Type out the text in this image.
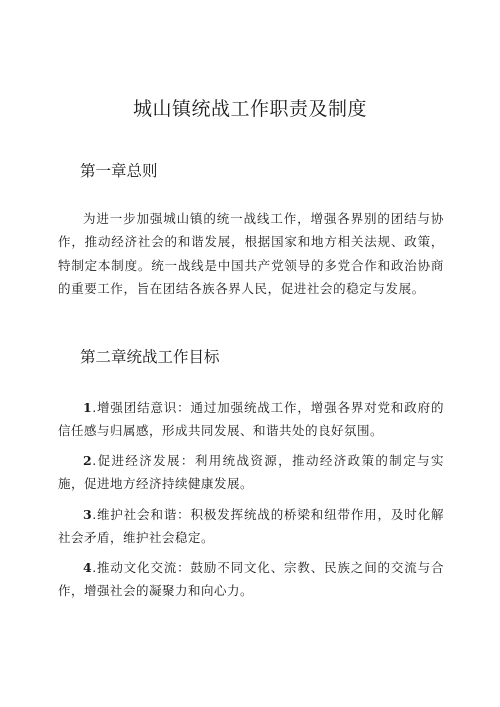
城山镇统战工作职责及制度
第一章总则

为进一步加强城山镇的统一战线工作，增强各界别的团结与协作，推动经济社会的和谐发展，根据国家和地方相关法规、政策，特制定本制度。统一战线是中国共产党领导的多党合作和政治协商的重要工作，旨在团结各族各界人民，促进社会的稳定与发展。

第二章统战工作目标

1.增强团结意识：通过加强统战工作，增强各界对党和政府的信任感与归属感，形成共同发展、和谐共处的良好氛围。

2.促进经济发展：利用统战资源，推动经济政策的制定与实施，促进地方经济持续健康发展。

3.维护社会和谐：积极发挥统战的桥梁和纽带作用，及时化解社会矛盾，维护社会稳定。

4.推动文化交流：鼓励不同文化、宗教、民族之间的交流与合作，增强社会的凝聚力和向心力。
